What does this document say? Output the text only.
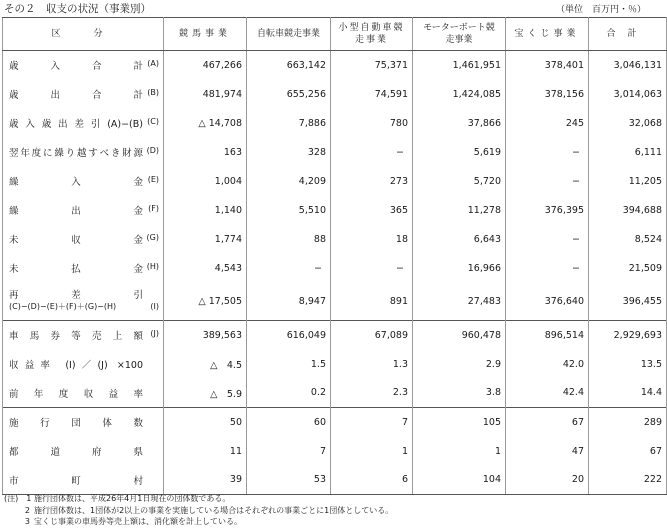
その２　収支の状況（事業別）	（単位　百万円・％）
区　分	競馬事業	自転車競走事業	小型自動車競走事業	モーターボート競走事業	宝くじ事業	合計
歳入合計 (A)	467,266	663,142	75,371	1,461,951	378,401	3,046,131
歳出合計 (B)	481,974	655,256	74,591	1,424,085	378,156	3,014,063
歳入歳出差引(A)−(B) (C)	△ 14,708	7,886	780	37,866	245	32,068
翌年度に繰り越すべき財源 (D)	163	328	−	5,619	−	6,111
繰入金 (E)	1,004	4,209	273	5,720	−	11,205
繰出金 (F)	1,140	5,510	365	11,278	376,395	394,688
未収金 (G)	1,774	88	18	6,643	−	8,524
未払金 (H)	4,543	−	−	16,966	−	21,509

再差引
(C)−(D)−(E)＋(F)＋(G)−(H) (I)	△ 17,505	8,947	891	27,483	376,640	396,455
車馬券等売上額 (J)	389,563	616,049	67,089	960,478	896,514	2,929,693
収益率 (I)／(J) ×100	△　4.5	1.5	1.3	2.9	42.0	13.5
前年度収益率	△　5.9	0.2	2.3	3.8	42.4	14.4
施行団体数	50	60	7	105	67	289
都道府県	11	7	1	1	47	67
市町村	39	53	6	104	20	222
(注)　1 施行団体数は、平成26年4月1日現在の団体数である。
2 施行団体数は、1団体が2以上の事業を実施している場合はそれぞれの事業ごとに1団体としている。
3 宝くじ事業の車馬券等売上額は、消化額を計上している。
